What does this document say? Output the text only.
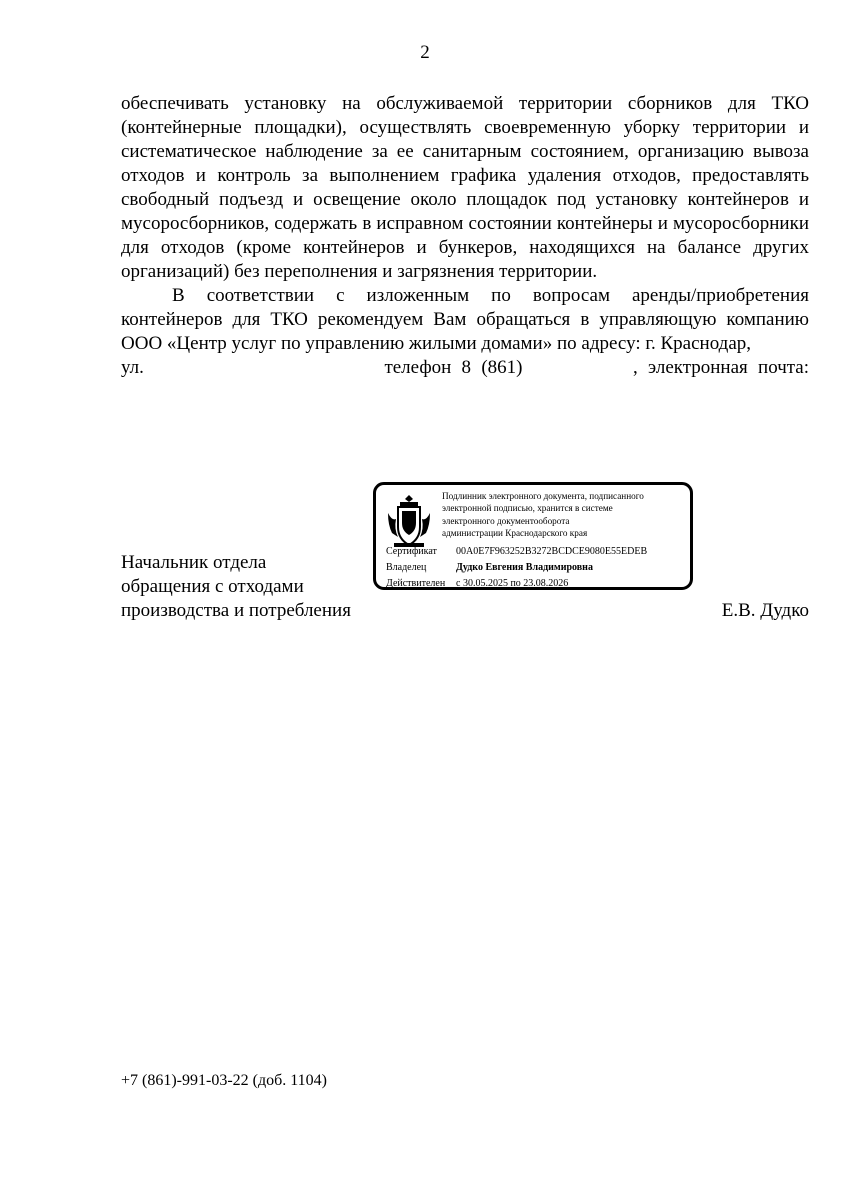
2

обеспечивать установку на обслуживаемой территории сборников для ТКО (контейнерные площадки), осуществлять своевременную уборку территории и систематическое наблюдение за ее санитарным состоянием, организацию вывоза отходов и контроль за выполнением графика удаления отходов, предоставлять свободный подъезд и освещение около площадок под установку контейнеров и мусоросборников, содержать в исправном состоянии контейнеры и мусоросборники для отходов (кроме контейнеров и бункеров, находящихся на балансе других организаций) без переполнения и загрязнения территории.

В соответствии с изложенным по вопросам аренды/приобретения контейнеров для ТКО рекомендуем Вам обращаться в управляющую компанию ООО «Центр услуг по управлению жилыми домами» по адресу: г. Краснодар,

ул.	телефон 8 (861)	, электронная почта:
Подлинник электронного документа, подписанного
электронной подписью, хранится в системе
электронного документооборота
администрации Краснодарского края
Сертификат 00A0E7F963252B3272BCDCE9080E55EDEB
Владелец	Дудко Евгения Владимировна
Действителен с 30.05.2025 по 23.08.2026
Начальник отдела
обращения с отходами
производства и потребления	Е.В. Дудко
+7 (861)-991-03-22 (доб. 1104)
